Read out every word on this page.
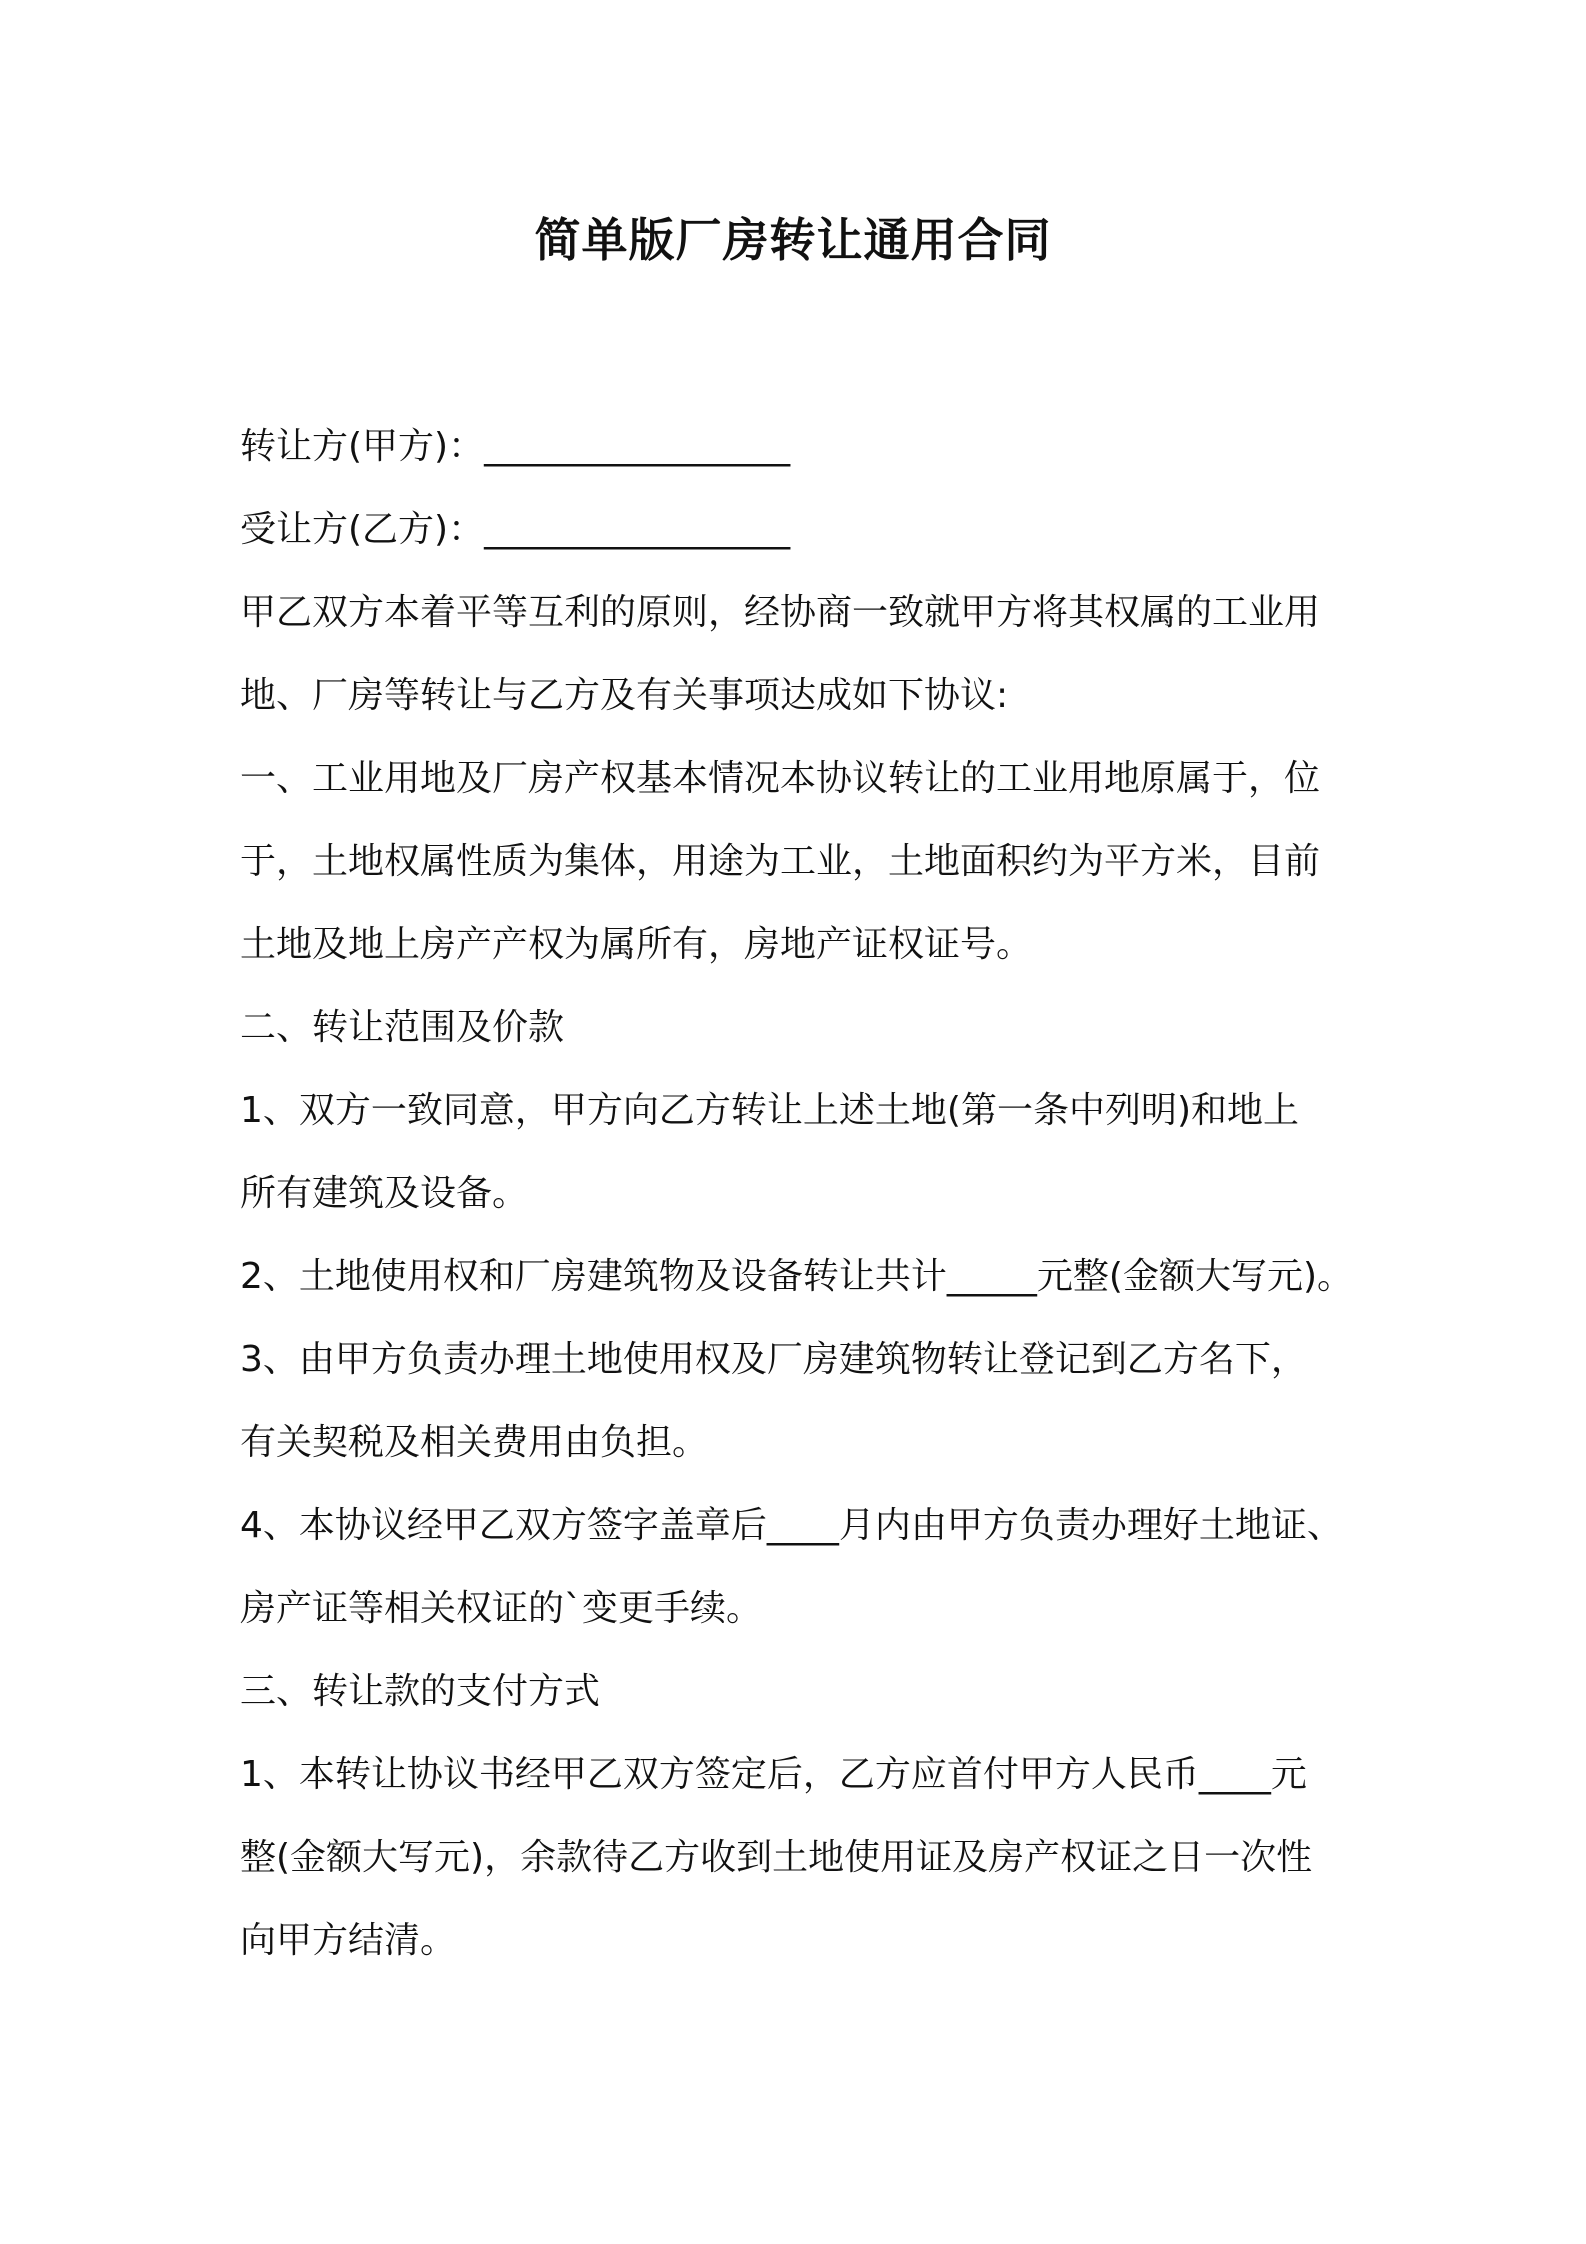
简单版厂房转让通用合同
转让方(甲方)：_________________
受让方(乙方)：_________________
甲乙双方本着平等互利的原则，经协商一致就甲方将其权属的工业用
地、厂房等转让与乙方及有关事项达成如下协议:
一、工业用地及厂房产权基本情况本协议转让的工业用地原属于，位
于，土地权属性质为集体，用途为工业，土地面积约为平方米，目前
土地及地上房产产权为属所有，房地产证权证号。
二、转让范围及价款
1、双方一致同意，甲方向乙方转让上述土地(第一条中列明)和地上
所有建筑及设备。
2、土地使用权和厂房建筑物及设备转让共计_____元整(金额大写元)。
3、由甲方负责办理土地使用权及厂房建筑物转让登记到乙方名下，
有关契税及相关费用由负担。
4、本协议经甲乙双方签字盖章后____月内由甲方负责办理好土地证、
房产证等相关权证的`变更手续。
三、转让款的支付方式
1、本转让协议书经甲乙双方签定后，乙方应首付甲方人民币____元
整(金额大写元)，余款待乙方收到土地使用证及房产权证之日一次性
向甲方结清。
